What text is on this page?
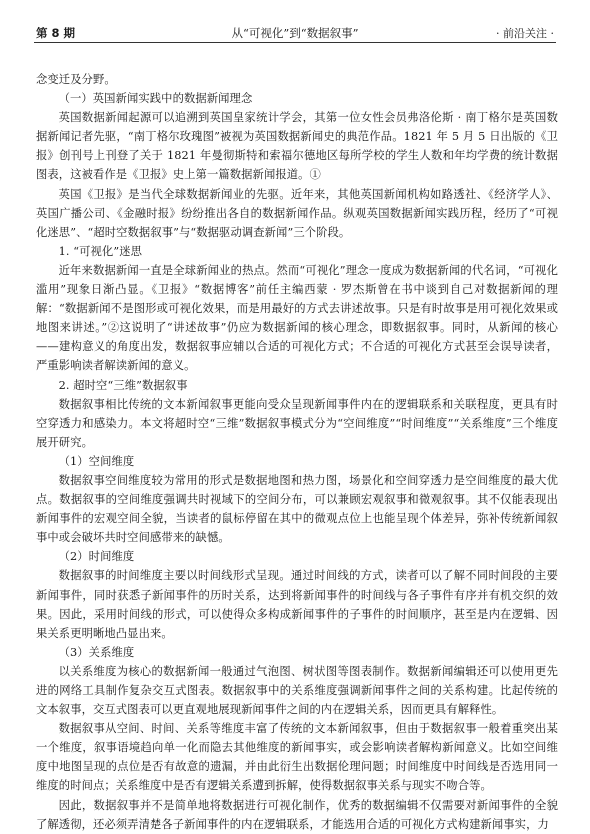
第 8 期	从“可视化”到“数据叙事”	· 前沿关注 ·

念变迁及分野。

（一）英国新闻实践中的数据新闻理念

英国数据新闻起源可以追溯到英国皇家统计学会，其第一位女性会员弗洛伦斯 · 南丁格尔是英国数据新闻记者先驱，“南丁格尔玫瑰图”被视为英国数据新闻史的典范作品。1821 年 5 月 5 日出版的《卫报》创刊号上刊登了关于 1821 年曼彻斯特和索福尔德地区每所学校的学生人数和年均学费的统计数据图表，这被看作是《卫报》史上第一篇数据新闻报道。①

英国《卫报》是当代全球数据新闻业的先驱。近年来，其他英国新闻机构如路透社、《经济学人》、英国广播公司、《金融时报》纷纷推出各自的数据新闻作品。纵观英国数据新闻实践历程，经历了“可视化迷思”、“超时空数据叙事”与“数据驱动调查新闻”三个阶段。

1. “可视化”迷思

近年来数据新闻一直是全球新闻业的热点。然而“可视化”理念一度成为数据新闻的代名词，“可视化滥用”现象日渐凸显。《卫报》“数据博客”前任主编西蒙 · 罗杰斯曾在书中谈到自己对数据新闻的理解：“数据新闻不是图形或可视化效果，而是用最好的方式去讲述故事。只是有时故事是用可视化效果或地图来讲述。”②这说明了“讲述故事”仍应为数据新闻的核心理念，即数据叙事。同时，从新闻的核心——建构意义的角度出发，数据叙事应辅以合适的可视化方式；不合适的可视化方式甚至会误导读者，严重影响读者解读新闻的意义。

2. 超时空“三维”数据叙事

数据叙事相比传统的文本新闻叙事更能向受众呈现新闻事件内在的逻辑联系和关联程度，更具有时空穿透力和感染力。本文将超时空“三维”数据叙事模式分为“空间维度”“时间维度”“关系维度”三个维度展开研究。

（1）空间维度

数据叙事空间维度较为常用的形式是数据地图和热力图，场景化和空间穿透力是空间维度的最大优点。数据叙事的空间维度强调共时视域下的空间分布，可以兼顾宏观叙事和微观叙事。其不仅能表现出新闻事件的宏观空间全貌，当读者的鼠标停留在其中的微观点位上也能呈现个体差异，弥补传统新闻叙事中或会破坏共时空间感带来的缺憾。

（2）时间维度

数据叙事的时间维度主要以时间线形式呈现。通过时间线的方式，读者可以了解不同时间段的主要新闻事件，同时获悉子新闻事件的历时关系，达到将新闻事件的时间线与各子事件有序并有机交织的效果。因此，采用时间线的形式，可以使得众多构成新闻事件的子事件的时间顺序，甚至是内在逻辑、因果关系更明晰地凸显出来。

（3）关系维度

以关系维度为核心的数据新闻一般通过气泡图、树状图等图表制作。数据新闻编辑还可以使用更先进的网络工具制作复杂交互式图表。数据叙事中的关系维度强调新闻事件之间的关系构建。比起传统的文本叙事，交互式图表可以更直观地展现新闻事件之间的内在逻辑关系，因而更具有解释性。

数据叙事从空间、时间、关系等维度丰富了传统的文本新闻叙事，但由于数据叙事一般着重突出某一个维度，叙事语境趋向单一化而隐去其他维度的新闻事实，或会影响读者解构新闻意义。比如空间维度中地图呈现的点位是否有故意的遗漏，并由此衍生出数据伦理问题；时间维度中时间线是否选用同一维度的时间点；关系维度中是否有逻辑关系遭到拆解，使得数据叙事关系与现实不吻合等。

因此，数据叙事并不是简单地将数据进行可视化制作，优秀的数据编辑不仅需要对新闻事件的全貌了解透彻，还必须弄清楚各子新闻事件的内在逻辑联系，才能选用合适的可视化方式构建新闻事实，力
